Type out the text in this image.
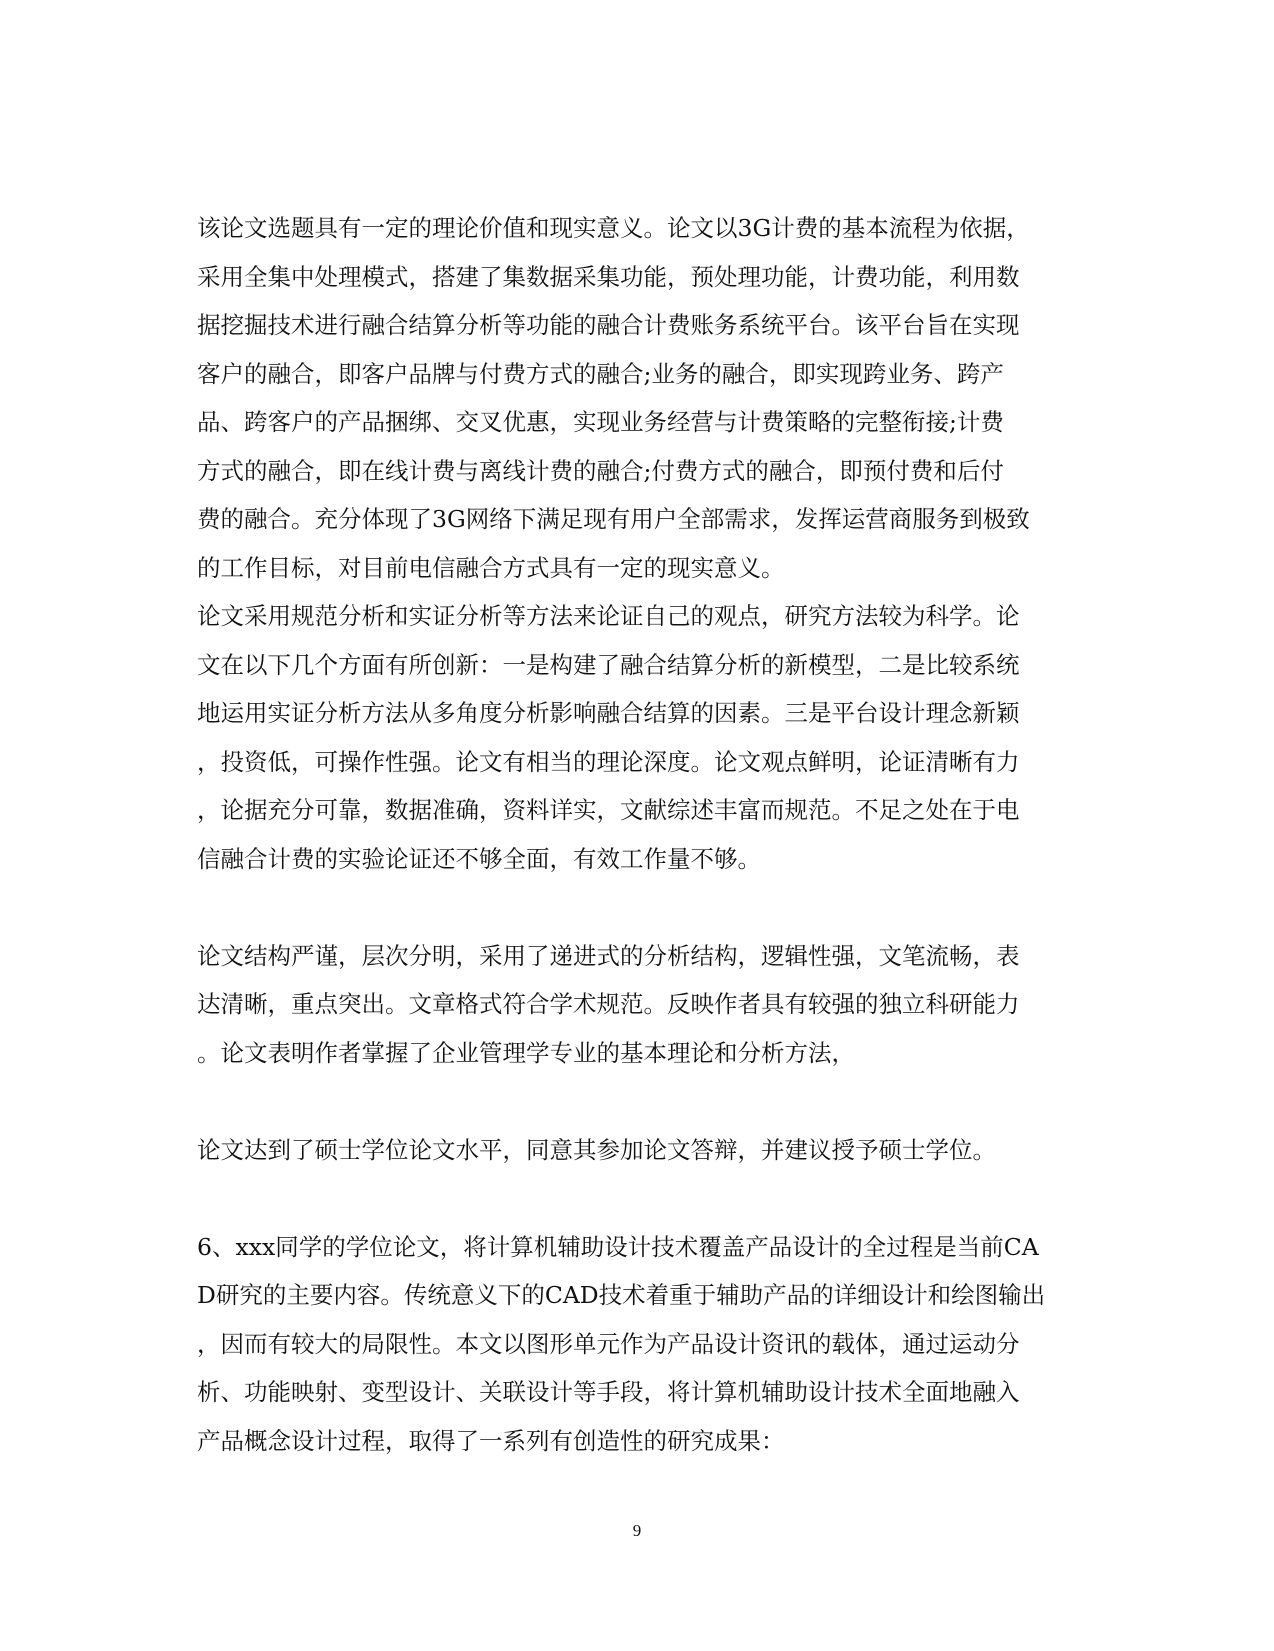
该论文选题具有一定的理论价值和现实意义。论文以3G计费的基本流程为依据，
采用全集中处理模式，搭建了集数据采集功能，预处理功能，计费功能，利用数
据挖掘技术进行融合结算分析等功能的融合计费账务系统平台。该平台旨在实现
客户的融合，即客户品牌与付费方式的融合;业务的融合，即实现跨业务、跨产
品、跨客户的产品捆绑、交叉优惠，实现业务经营与计费策略的完整衔接;计费
方式的融合，即在线计费与离线计费的融合;付费方式的融合，即预付费和后付
费的融合。充分体现了3G网络下满足现有用户全部需求，发挥运营商服务到极致
的工作目标，对目前电信融合方式具有一定的现实意义。
论文采用规范分析和实证分析等方法来论证自己的观点，研究方法较为科学。论
文在以下几个方面有所创新：一是构建了融合结算分析的新模型，二是比较系统
地运用实证分析方法从多角度分析影响融合结算的因素。三是平台设计理念新颖
，投资低，可操作性强。论文有相当的理论深度。论文观点鲜明，论证清晰有力
，论据充分可靠，数据准确，资料详实，文献综述丰富而规范。不足之处在于电
信融合计费的实验论证还不够全面，有效工作量不够。
论文结构严谨，层次分明，采用了递进式的分析结构，逻辑性强，文笔流畅，表
达清晰，重点突出。文章格式符合学术规范。反映作者具有较强的独立科研能力
。论文表明作者掌握了企业管理学专业的基本理论和分析方法，
论文达到了硕士学位论文水平，同意其参加论文答辩，并建议授予硕士学位。
6、xxx同学的学位论文，将计算机辅助设计技术覆盖产品设计的全过程是当前CA
D研究的主要内容。传统意义下的CAD技术着重于辅助产品的详细设计和绘图输出
，因而有较大的局限性。本文以图形单元作为产品设计资讯的载体，通过运动分
析、功能映射、变型设计、关联设计等手段，将计算机辅助设计技术全面地融入
产品概念设计过程，取得了一系列有创造性的研究成果：
9
